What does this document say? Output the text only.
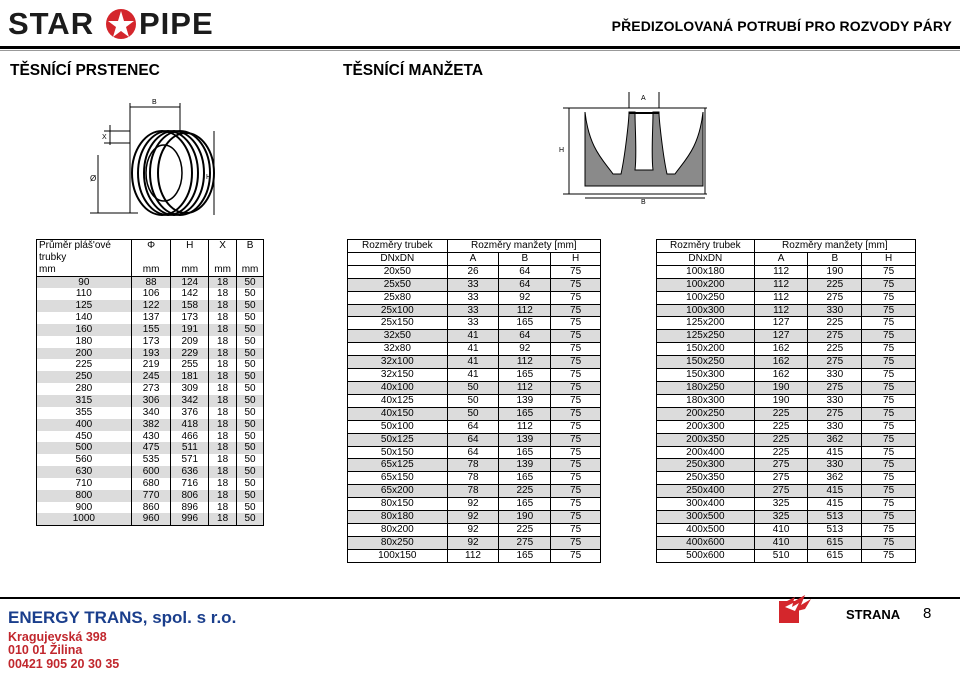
STAR PIPE	PŘEDIZOLOVANÁ POTRUBÍ PRO ROZVODY PÁRY
TĚSNÍCÍ PRSTENEC	TĚSNÍCÍ MANŽETA
B
X
Ø	H
A
B
H
Průměr pláš'ové	Φ	H	X	B
trubky				
mm	mm	mm	mm	mm
90	88	124	18	50
110	106	142	18	50
125	122	158	18	50
140	137	173	18	50
160	155	191	18	50
180	173	209	18	50
200	193	229	18	50
225	219	255	18	50
250	245	181	18	50
280	273	309	18	50
315	306	342	18	50
355	340	376	18	50
400	382	418	18	50
450	430	466	18	50
500	475	511	18	50
560	535	571	18	50
630	600	636	18	50
710	680	716	18	50
800	770	806	18	50
900	860	896	18	50
1000	960	996	18	50
Rozměry trubek	Rozměry manžety [mm]		
DNxDN	A	B	H
20x50	26	64	75
25x50	33	64	75
25x80	33	92	75
25x100	33	112	75
25x150	33	165	75
32x50	41	64	75
32x80	41	92	75
32x100	41	112	75
32x150	41	165	75
40x100	50	112	75
40x125	50	139	75
40x150	50	165	75
50x100	64	112	75
50x125	64	139	75
50x150	64	165	75
65x125	78	139	75
65x150	78	165	75
65x200	78	225	75
80x150	92	165	75
80x180	92	190	75
80x200	92	225	75
80x250	92	275	75
100x150	112	165	75
Rozměry trubek	Rozměry manžety [mm]		
DNxDN	A	B	H
100x180	112	190	75
100x200	112	225	75
100x250	112	275	75
100x300	112	330	75
125x200	127	225	75
125x250	127	275	75
150x200	162	225	75
150x250	162	275	75
150x300	162	330	75
180x250	190	275	75
180x300	190	330	75
200x250	225	275	75
200x300	225	330	75
200x350	225	362	75
200x400	225	415	75
250x300	275	330	75
250x350	275	362	75
250x400	275	415	75
300x400	325	415	75
300x500	325	513	75
400x500	410	513	75
400x600	410	615	75
500x600	510	615	75
ENERGY TRANS, spol. s r.o.
Kragujevská 398
010 01 Žilina
00421 905 20 30 35
STRANA 8
